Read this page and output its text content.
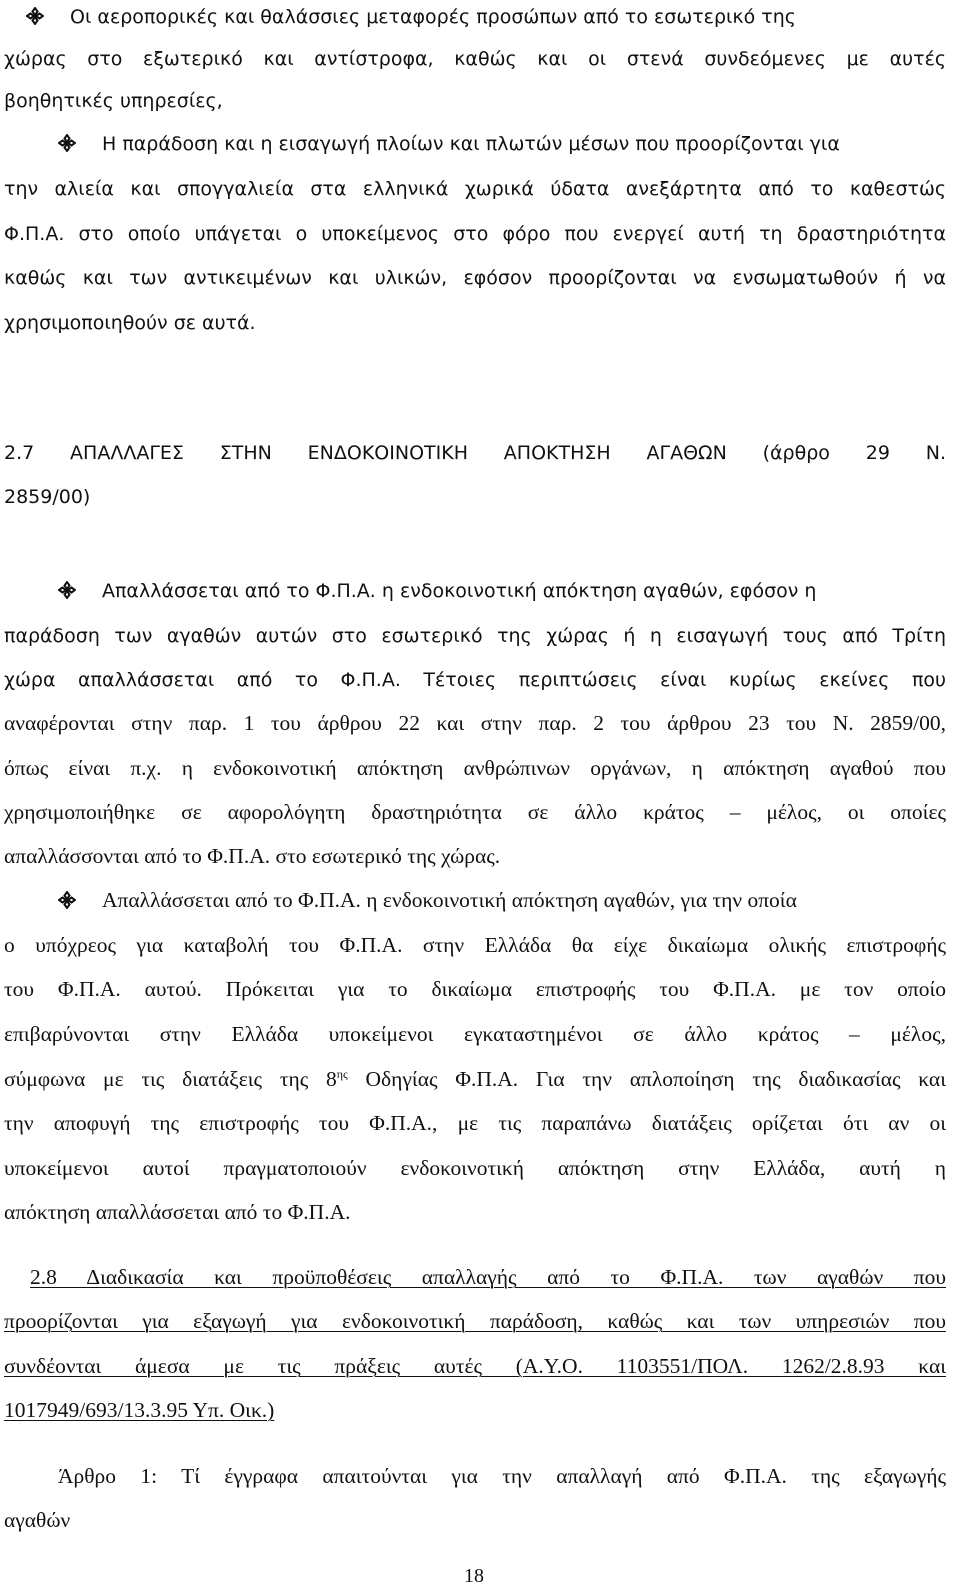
Οι αεροπορικές και θαλάσσιες μεταφορές προσώπων από το εσωτερικό της
χώρας στο εξωτερικό και αντίστροφα, καθώς και οι στενά συνδεόμενες με αυτές
βοηθητικές υπηρεσίες,
Η παράδοση και η εισαγωγή πλοίων και πλωτών μέσων που προορίζονται για
την αλιεία και σπογγαλιεία στα ελληνικά χωρικά ύδατα ανεξάρτητα από το καθεστώς
Φ.Π.Α. στο οποίο υπάγεται ο υποκείμενος στο φόρο που ενεργεί αυτή τη δραστηριότητα
καθώς και των αντικειμένων και υλικών, εφόσον προορίζονται να ενσωματωθούν ή να
χρησιμοποιηθούν σε αυτά.
2.7 ΑΠΑΛΛΑΓΕΣ ΣΤΗΝ ΕΝΔΟΚΟΙΝΟΤΙΚΗ ΑΠΟΚΤΗΣΗ ΑΓΑΘΩΝ (άρθρο 29 Ν.
2859/00)
Απαλλάσσεται από το Φ.Π.Α. η ενδοκοινοτική απόκτηση αγαθών, εφόσον η
παράδοση των αγαθών αυτών στο εσωτερικό της χώρας ή η εισαγωγή τους από Τρίτη
χώρα απαλλάσσεται από το Φ.Π.Α. Τέτοιες περιπτώσεις είναι κυρίως εκείνες που
αναφέρονται στην παρ. 1 του άρθρου 22 και στην παρ. 2 του άρθρου 23 του Ν. 2859/00,
όπως είναι π.χ. η ενδοκοινοτική απόκτηση ανθρώπινων οργάνων, η απόκτηση αγαθού που
χρησιμοποιήθηκε σε αφορολόγητη δραστηριότητα σε άλλο κράτος – μέλος, οι οποίες
απαλλάσσονται από το Φ.Π.Α. στο εσωτερικό της χώρας.
Απαλλάσσεται από το Φ.Π.Α. η ενδοκοινοτική απόκτηση αγαθών, για την οποία
ο υπόχρεος για καταβολή του Φ.Π.Α. στην Ελλάδα θα είχε δικαίωμα ολικής επιστροφής
του Φ.Π.Α. αυτού. Πρόκειται για το δικαίωμα επιστροφής του Φ.Π.Α. με τον οποίο
επιβαρύνονται στην Ελλάδα υποκείμενοι εγκαταστημένοι σε άλλο κράτος – μέλος,
σύμφωνα με τις διατάξεις της $8^{\eta\varsigma}$ Οδηγίας Φ.Π.Α. Για την απλοποίηση της διαδικασίας και
την αποφυγή της επιστροφής του Φ.Π.Α., με τις παραπάνω διατάξεις ορίζεται ότι αν οι
υποκείμενοι αυτοί πραγματοποιούν ενδοκοινοτική απόκτηση στην Ελλάδα, αυτή η
απόκτηση απαλλάσσεται από το Φ.Π.Α.
2.8 Διαδικασία και προϋποθέσεις απαλλαγής από το Φ.Π.Α. των αγαθών που
προορίζονται για εξαγωγή για ενδοκοινοτική παράδοση, καθώς και των υπηρεσιών που
συνδέονται άμεσα με τις πράξεις αυτές (Α.Υ.Ο. 1103551/ΠΟΛ. 1262/2.8.93 και
1017949/693/13.3.95 Υπ. Οικ.)
Άρθρο 1: Τί έγγραφα απαιτούνται για την απαλλαγή από Φ.Π.Α. της εξαγωγής
αγαθών
18
